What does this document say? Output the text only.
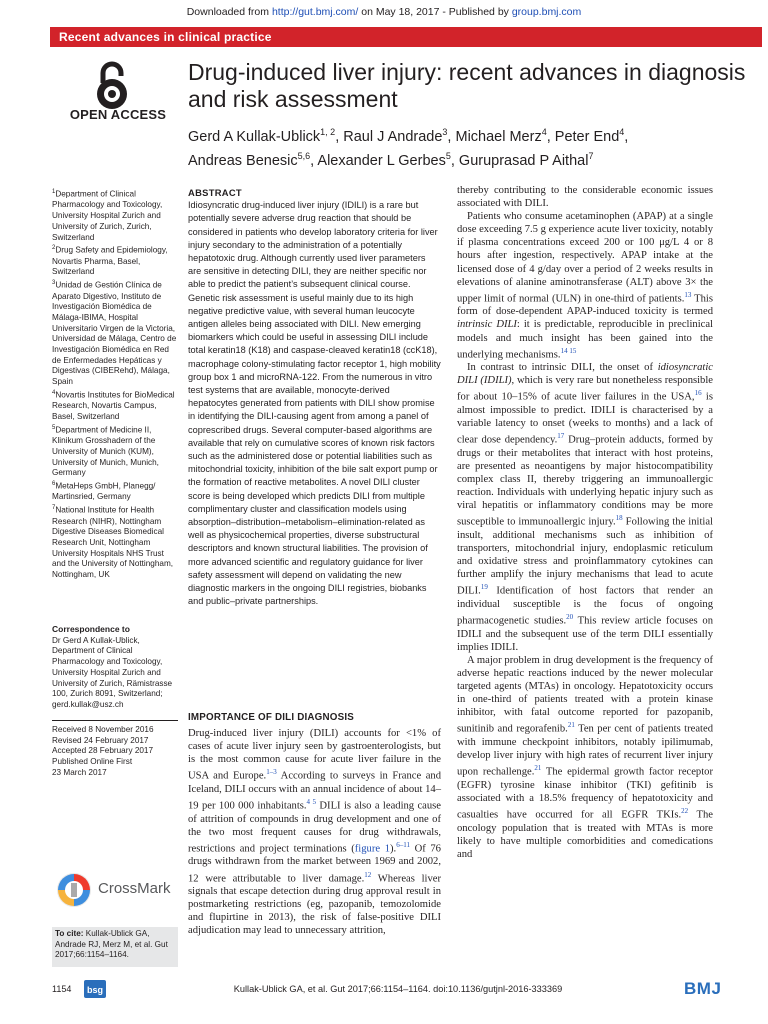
Downloaded from http://gut.bmj.com/ on May 18, 2017 - Published by group.bmj.com
Recent advances in clinical practice
OPEN ACCESS
Drug-induced liver injury: recent advances in diagnosis and risk assessment
Gerd A Kullak-Ublick$^{1, 2}$, Raul J Andrade$^3$, Michael Merz$^4$, Peter End$^4$,
Andreas Benesic$^{5,6}$, Alexander L Gerbes$^5$, Guruprasad P Aithal$^7$

$^1$Department of Clinical Pharmacology and Toxicology, University Hospital Zurich and University of Zurich, Zurich, Switzerland

$^2$Drug Safety and Epidemiology, Novartis Pharma, Basel, Switzerland

$^3$Unidad de Gestión Clínica de Aparato Digestivo, Instituto de Investigación Biomédica de Málaga-IBIMA, Hospital Universitario Virgen de la Victoria, Universidad de Málaga, Centro de Investigación Biomédica en Red de Enfermedades Hepáticas y Digestivas (CIBERehd), Málaga, Spain

$^4$Novartis Institutes for BioMedical Research, Novartis Campus, Basel, Switzerland

$^5$Department of Medicine II, Klinikum Grosshadern of the University of Munich (KUM), University of Munich, Munich, Germany

$^6$MetaHeps GmbH, Planegg/ Martinsried, Germany

$^7$National Institute for Health Research (NIHR), Nottingham Digestive Diseases Biomedical Research Unit, Nottingham University Hospitals NHS Trust and the University of Nottingham, Nottingham, UK

Correspondence to

Dr Gerd A Kullak-Ublick, Department of Clinical Pharmacology and Toxicology, University Hospital Zurich and University of Zurich, Rämistrasse 100, Zurich 8091, Switzerland; gerd.kullak@usz.ch

Received 8 November 2016

Revised 24 February 2017

Accepted 28 February 2017

Published Online First

23 March 2017

CrossMark
To cite: Kullak-Ublick GA, Andrade RJ, Merz M, et al. Gut 2017;66:1154–1164.
ABSTRACT
Idiosyncratic drug-induced liver injury (IDILI) is a rare but potentially severe adverse drug reaction that should be considered in patients who develop laboratory criteria for liver injury secondary to the administration of a potentially hepatotoxic drug. Although currently used liver parameters are sensitive in detecting DILI, they are neither specific nor able to predict the patient’s subsequent clinical course. Genetic risk assessment is useful mainly due to its high negative predictive value, with several human leucocyte antigen alleles being associated with DILI. New emerging biomarkers which could be useful in assessing DILI include total keratin18 (K18) and caspase-cleaved keratin18 (ccK18), macrophage colony-stimulating factor receptor 1, high mobility group box 1 and microRNA-122. From the numerous in vitro test systems that are available, monocyte-derived hepatocytes generated from patients with DILI show promise in identifying the DILI-causing agent from among a panel of coprescribed drugs. Several computer-based algorithms are available that rely on cumulative scores of known risk factors such as the administered dose or potential liabilities such as mitochondrial toxicity, inhibition of the bile salt export pump or the formation of reactive metabolites. A novel DILI cluster score is being developed which predicts DILI from multiple complimentary cluster and classification models using absorption–distribution–metabolism–elimination-related as well as physicochemical properties, diverse substructural descriptors and known structural liabilities. The provision of more advanced scientific and regulatory guidance for liver safety assessment will depend on validating the new diagnostic markers in the ongoing DILI registries, biobanks and public–private partnerships.
IMPORTANCE OF DILI DIAGNOSIS

Drug-induced liver injury (DILI) accounts for <1% of cases of acute liver injury seen by gastroenterologists, but is the most common cause for acute liver failure in the USA and Europe.$^{1-3}$ According to surveys in France and Iceland, DILI occurs with an annual incidence of about 14–19 per 100 000 inhabitants.$^{4 5}$ DILI is also a leading cause of attrition of compounds in drug development and one of the two most frequent causes for drug withdrawals, restrictions and project terminations (figure 1).$^{6-11}$ Of 76 drugs withdrawn from the market between 1969 and 2002, 12 were attributable to liver damage.$^{12}$ Whereas liver signals that escape detection during drug approval result in postmarketing restrictions (eg, pazopanib, temozolomide and flupirtine in 2013), the risk of false-positive DILI adjudication may lead to unnecessary attrition,

thereby contributing to the considerable economic issues associated with DILI.

Patients who consume acetaminophen (APAP) at a single dose exceeding 7.5 g experience acute liver toxicity, notably if plasma concentrations exceed 200 or 100 μg/L 4 or 8 hours after ingestion, respectively. APAP intake at the licensed dose of 4 g/day over a period of 2 weeks results in elevations of alanine aminotransferase (ALT) above 3× the upper limit of normal (ULN) in one-third of patients.$^{13}$ This form of dose-dependent APAP-induced toxicity is termed intrinsic DILI: it is predictable, reproducible in preclinical models and much insight has been gained into the underlying mechanisms.$^{14 15}$

In contrast to intrinsic DILI, the onset of idiosyncratic DILI (IDILI), which is very rare but nonetheless responsible for about 10–15% of acute liver failures in the USA,$^{16}$ is almost impossible to predict. IDILI is characterised by a variable latency to onset (weeks to months) and a lack of clear dose dependency.$^{17}$ Drug–protein adducts, formed by drugs or their metabolites that interact with host proteins, are presented as neoantigens by major histocompatibility complex class II, thereby triggering an immunoallergic reaction. Individuals with underlying hepatic injury such as viral hepatitis or inflammatory conditions may be more susceptible to immunoallergic injury.$^{18}$ Following the initial insult, additional mechanisms such as inhibition of transporters, mitochondrial injury, endoplasmic reticulum and oxidative stress and proinflammatory cytokines can further amplify the injury mechanisms that lead to acute DILI.$^{19}$ Identification of host factors that render an individual susceptible is the focus of ongoing pharmacogenetic studies.$^{20}$ This review article focuses on IDILI and the subsequent use of the term DILI essentially implies IDILI.

A major problem in drug development is the frequency of adverse hepatic reactions induced by the newer molecular targeted agents (MTAs) in oncology. Hepatotoxicity occurs in one-third of patients treated with a protein kinase inhibitor, with fatal outcome reported for pazopanib, sunitinib and regorafenib.$^{21}$ Ten per cent of patients treated with immune checkpoint inhibitors, notably ipilimumab, develop liver injury with high rates of recurrent liver injury upon rechallenge.$^{21}$ The epidermal growth factor receptor (EGFR) tyrosine kinase inhibitor (TKI) gefitinib is associated with a 18.5% frequency of hepatotoxicity and casualties have occurred for all EGFR TKIs.$^{22}$ The oncology population that is treated with MTAs is more likely to have multiple comorbidities and comedications and

1154 bsg	Kullak-Ublick GA, et al. Gut 2017;66:1154–1164. doi:10.1136/gutjnl-2016-333369	BMJ
